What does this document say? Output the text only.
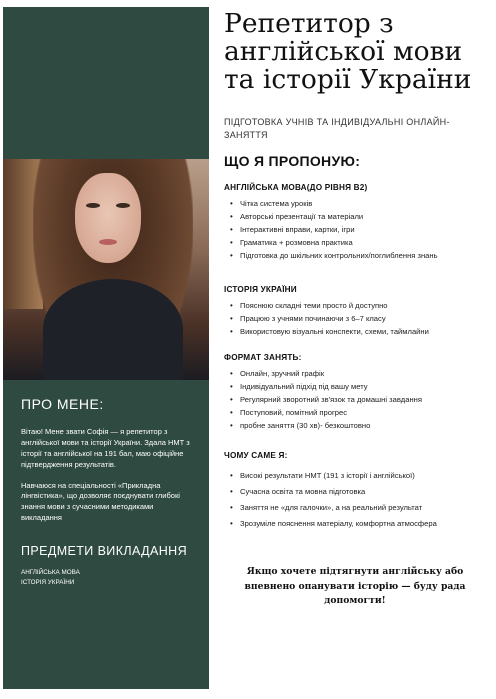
ПРО МЕНЕ:

Вітаю! Мене звати Софія — я репетитор з англійської мови та історії України. Здала НМТ з історії та англійської на 191 бал, маю офіційне підтвердження результатів.

Навчаюся на спеціальності «Прикладна лінгвістика», що дозволяє поєднувати глибокі знання мови з сучасними методиками викладання

ПРЕДМЕТИ ВИКЛАДАННЯ
АНГЛІЙСЬКА МОВА
ІСТОРІЯ УКРАЇНИ
Репетитор з англійської мови та історії України
ПІДГОТОВКА УЧНІВ ТА ІНДИВІДУАЛЬНІ ОНЛАЙН-ЗАНЯТТЯ
ЩО Я ПРОПОНУЮ:
АНГЛІЙСЬКА МОВА(ДО РІВНЯ B2)
• Чітка система уроків
• Авторські презентації та матеріали
• Інтерактивні вправи, картки, ігри
• Граматика + розмовна практика
• Підготовка до шкільних контрольних/поглиблення знань
ІСТОРІЯ УКРАЇНИ
• Пояснюю складні теми просто й доступно
• Працюю з учнями починаючи з 6–7 класу
• Використовую візуальні конспекти, схеми, таймлайни
ФОРМАТ ЗАНЯТЬ:
• Онлайн, зручний графік
• Індивідуальний підхід під вашу мету
• Регулярний зворотний зв'язок та домашні завдання
• Поступовий, помітний прогрес
• пробне заняття (30 хв)- безкоштовно
ЧОМУ САМЕ Я:
• Високі результати НМТ (191 з історії і англійської)
• Сучасна освіта та мовна підготовка
• Заняття не «для галочки», а на реальний результат
• Зрозуміле пояснення матеріалу, комфортна атмосфера
Якщо хочете підтягнути англійську або
впевнено опанувати історію — буду рада
допомогти!
